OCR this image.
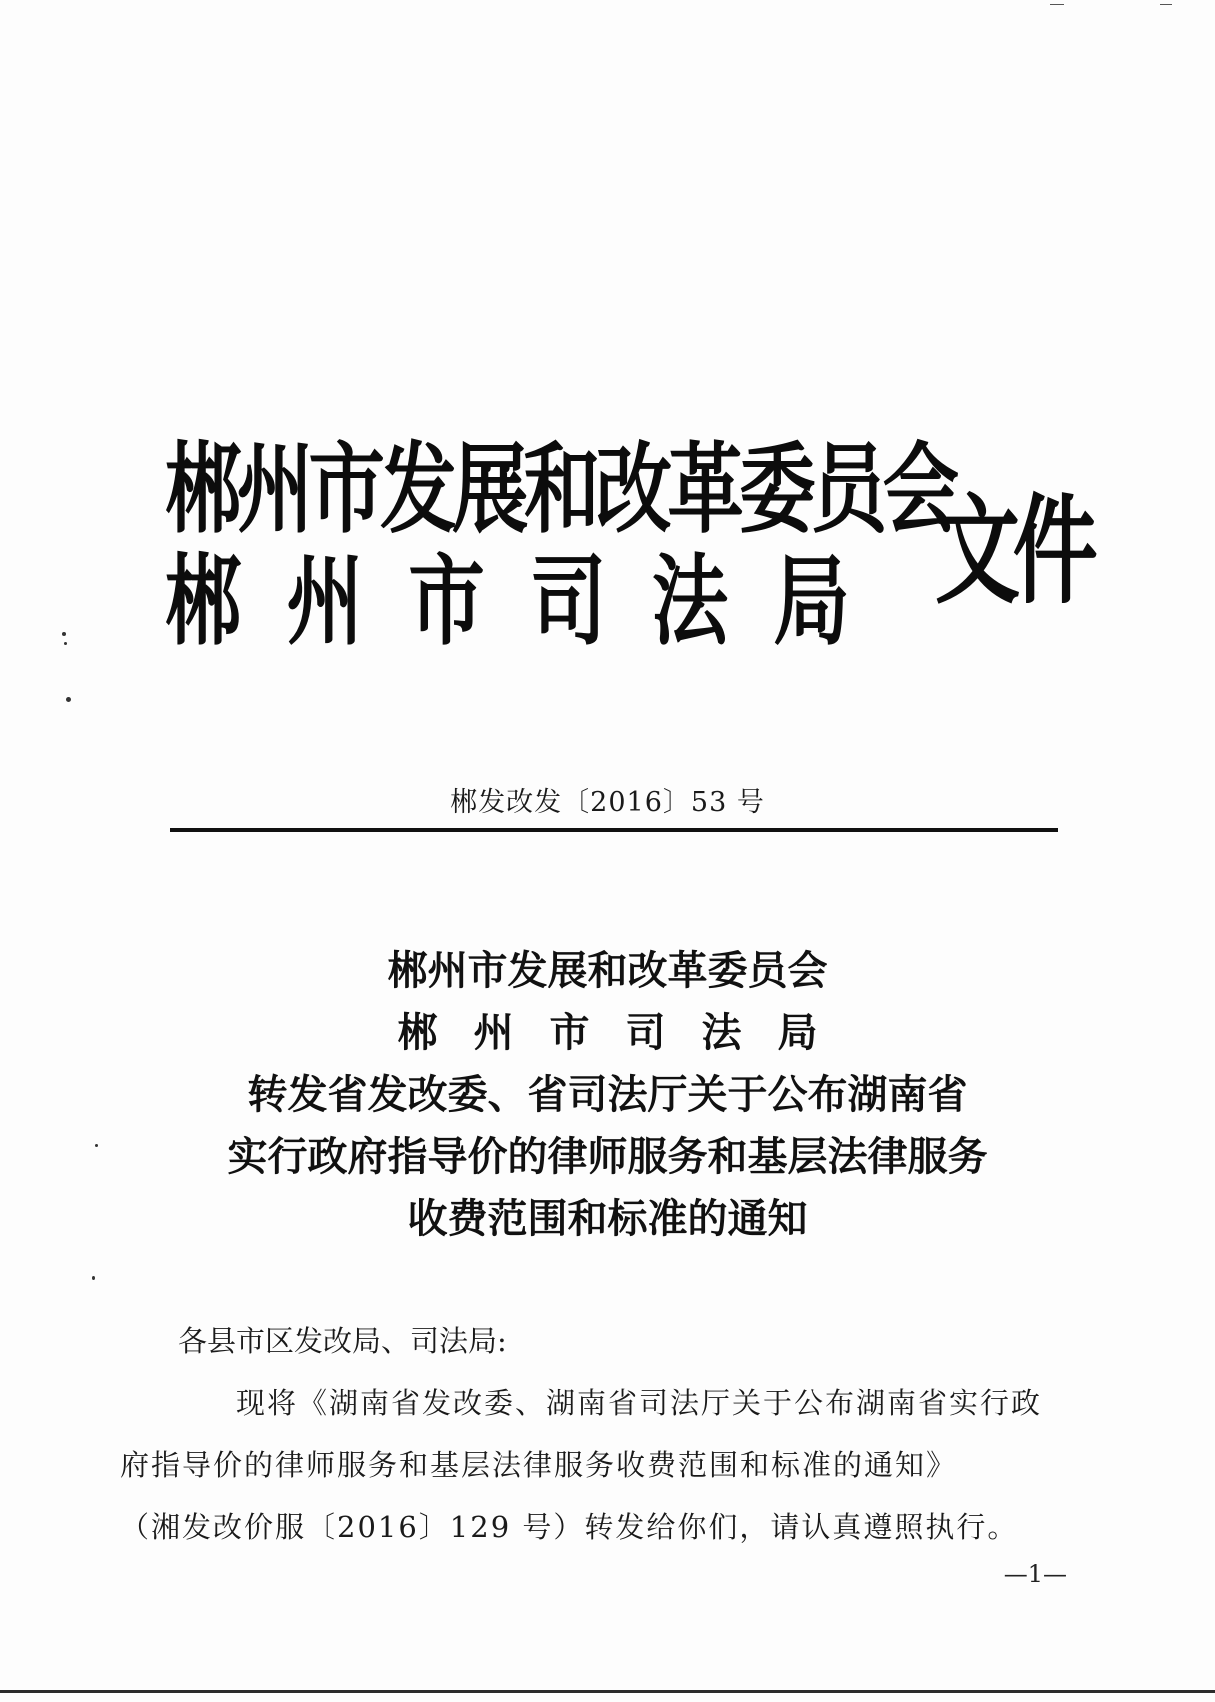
郴州市发展和改革委员会
郴州市司法局 文件
郴发改发〔2016〕53 号
郴州市发展和改革委员会
郴州市司法局
转发省发改委、省司法厅关于公布湖南省
实行政府指导价的律师服务和基层法律服务
收费范围和标准的通知
各县市区发改局、司法局:
现将《湖南省发改委、湖南省司法厅关于公布湖南省实行政
府指导价的律师服务和基层法律服务收费范围和标准的通知》
（湘发改价服〔2016〕129 号）转发给你们，请认真遵照执行。
—1—
